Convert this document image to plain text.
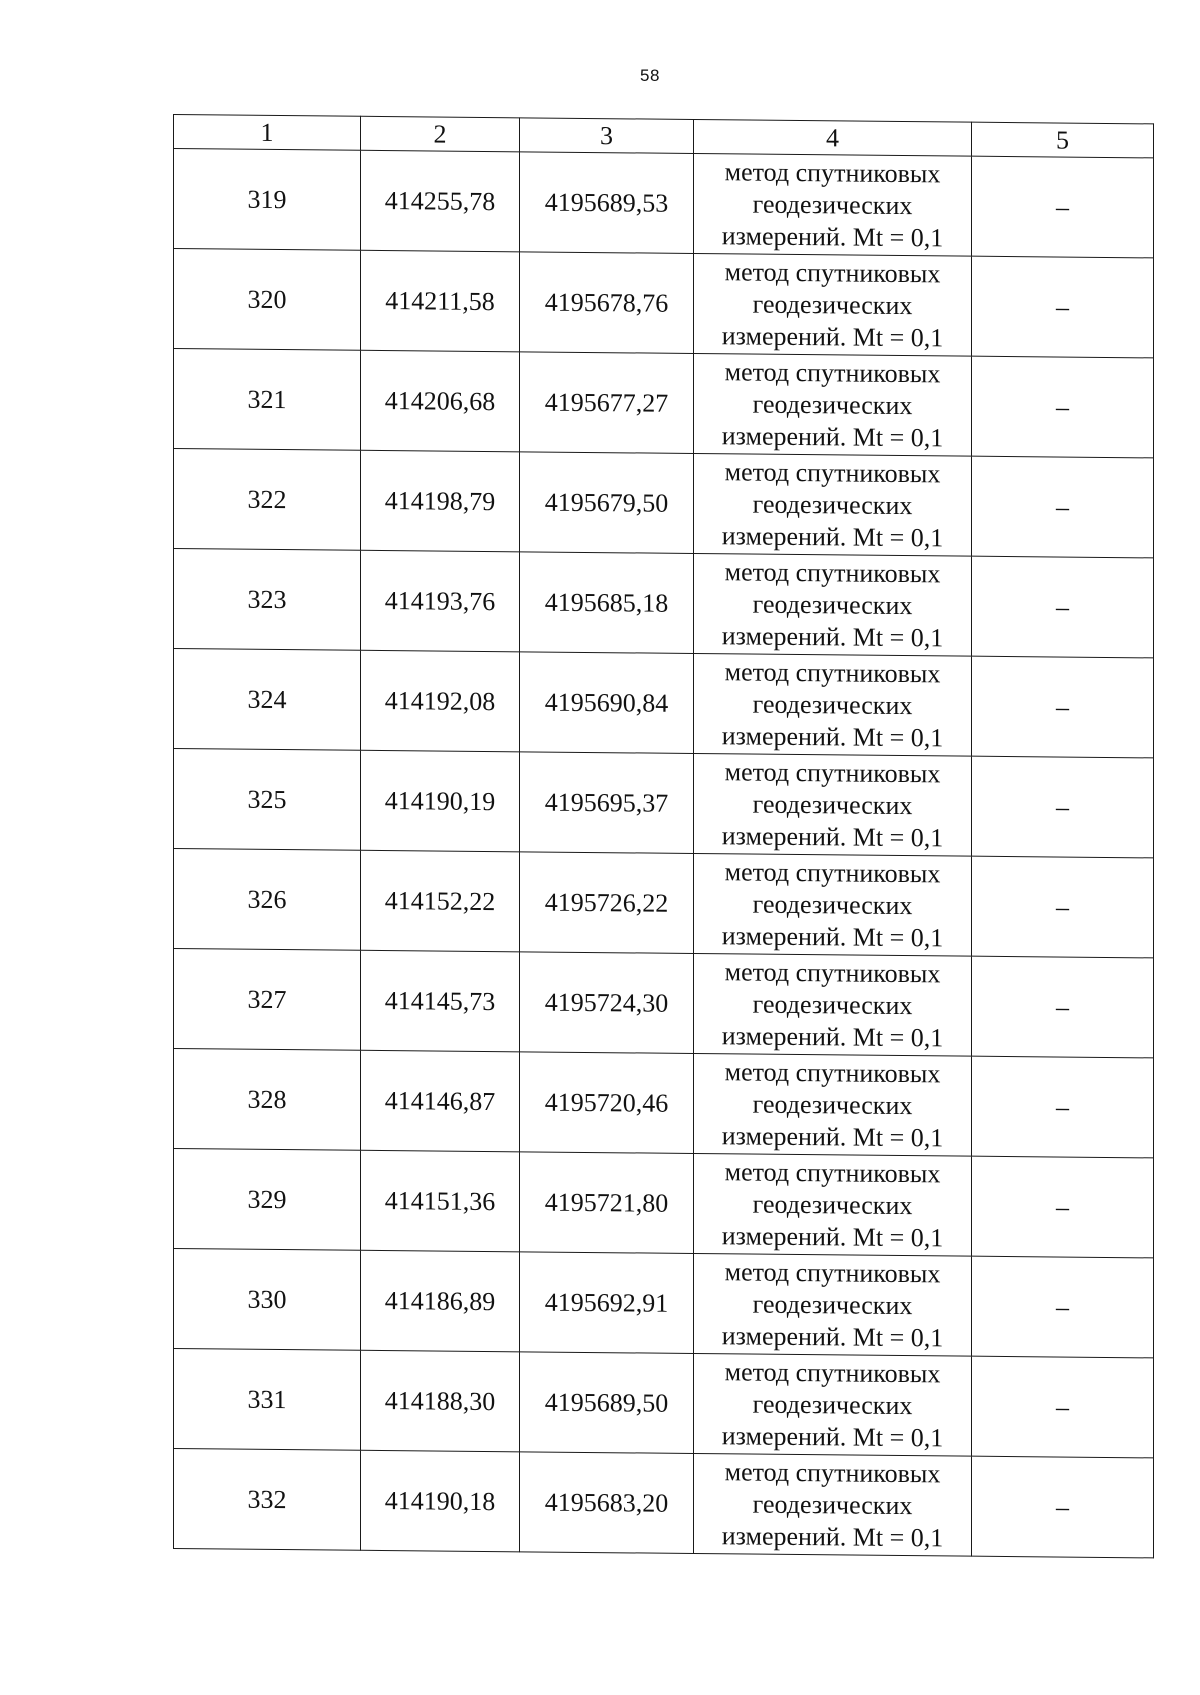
58
1	2	3	4	5
319	414255,78	4195689,53	метод спутниковых
геодезических
измерений. Mt = 0,1	–
320	414211,58	4195678,76	метод спутниковых
геодезических
измерений. Mt = 0,1	–
321	414206,68	4195677,27	метод спутниковых
геодезических
измерений. Mt = 0,1	–
322	414198,79	4195679,50	метод спутниковых
геодезических
измерений. Mt = 0,1	–
323	414193,76	4195685,18	метод спутниковых
геодезических
измерений. Mt = 0,1	–
324	414192,08	4195690,84	метод спутниковых
геодезических
измерений. Mt = 0,1	–
325	414190,19	4195695,37	метод спутниковых
геодезических
измерений. Mt = 0,1	–
326	414152,22	4195726,22	метод спутниковых
геодезических
измерений. Mt = 0,1	–
327	414145,73	4195724,30	метод спутниковых
геодезических
измерений. Mt = 0,1	–
328	414146,87	4195720,46	метод спутниковых
геодезических
измерений. Mt = 0,1	–
329	414151,36	4195721,80	метод спутниковых
геодезических
измерений. Mt = 0,1	–
330	414186,89	4195692,91	метод спутниковых
геодезических
измерений. Mt = 0,1	–
331	414188,30	4195689,50	метод спутниковых
геодезических
измерений. Mt = 0,1	–
332	414190,18	4195683,20	метод спутниковых
геодезических
измерений. Mt = 0,1	–
